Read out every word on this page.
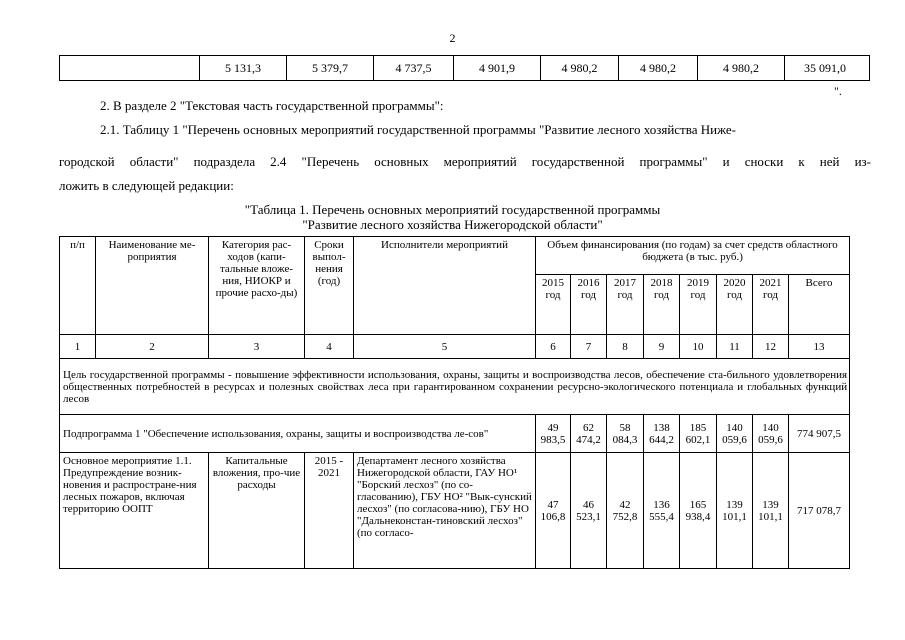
2
	5 131,3	5 379,7	4 737,5	4 901,9	4 980,2	4 980,2	4 980,2	35 091,0
".
2. В разделе 2 "Текстовая часть государственной программы":
2.1. Таблицу 1 "Перечень основных мероприятий государственной программы "Развитие лесного хозяйства Ниже-
городской области" подраздела 2.4 "Перечень основных мероприятий государственной программы" и сноски к ней из-
ложить в следующей редакции:
"Таблица 1. Перечень основных мероприятий государственной программы
"Развитие лесного хозяйства Нижегородской области"
п/п	Наименование ме-роприятия	Категория рас-ходов (капи-тальные вложе-ния, НИОКР и прочие расхо-ды)	Сроки выпол-нения (год)	Исполнители мероприятий	Объем финансирования (по годам) за счет средств областного бюджета (в тыс. руб.)							
					2015 год	2016 год	2017 год	2018 год	2019 год	2020 год	2021 год	Всего
1	2	3	4	5	6	7	8	9	10	11	12	13
Цель государственной программы - повышение эффективности использования, охраны, защиты и воспроизводства лесов, обеспечение ста-бильного удовлетворения общественных потребностей в ресурсах и полезных свойствах леса при гарантированном сохранении ресурсно-экологического потенциала и глобальных функций лесов												
Подпрограмма 1 "Обеспечение использования, охраны, защиты и воспроизводства ле-сов"					49 983,5	62 474,2	58 084,3	138 644,2	185 602,1	140 059,6	140 059,6	774 907,5
Основное мероприятие 1.1. Предупреждение возник-новения и распростране-ния лесных пожаров, включая территорию ООПТ		Капитальные вложения, про-чие расходы	2015 - 2021	Департамент лесного хозяйства Нижегородской области, ГАУ НО¹ "Борский лесхоз" (по со-гласованию), ГБУ НО² "Вык-сунский лесхоз" (по согласова-нию), ГБУ НО "Дальнеконстан-тиновский лесхоз" (по согласо-	47 106,8	46 523,1	42 752,8	136 555,4	165 938,4	139 101,1	139 101,1	717 078,7
